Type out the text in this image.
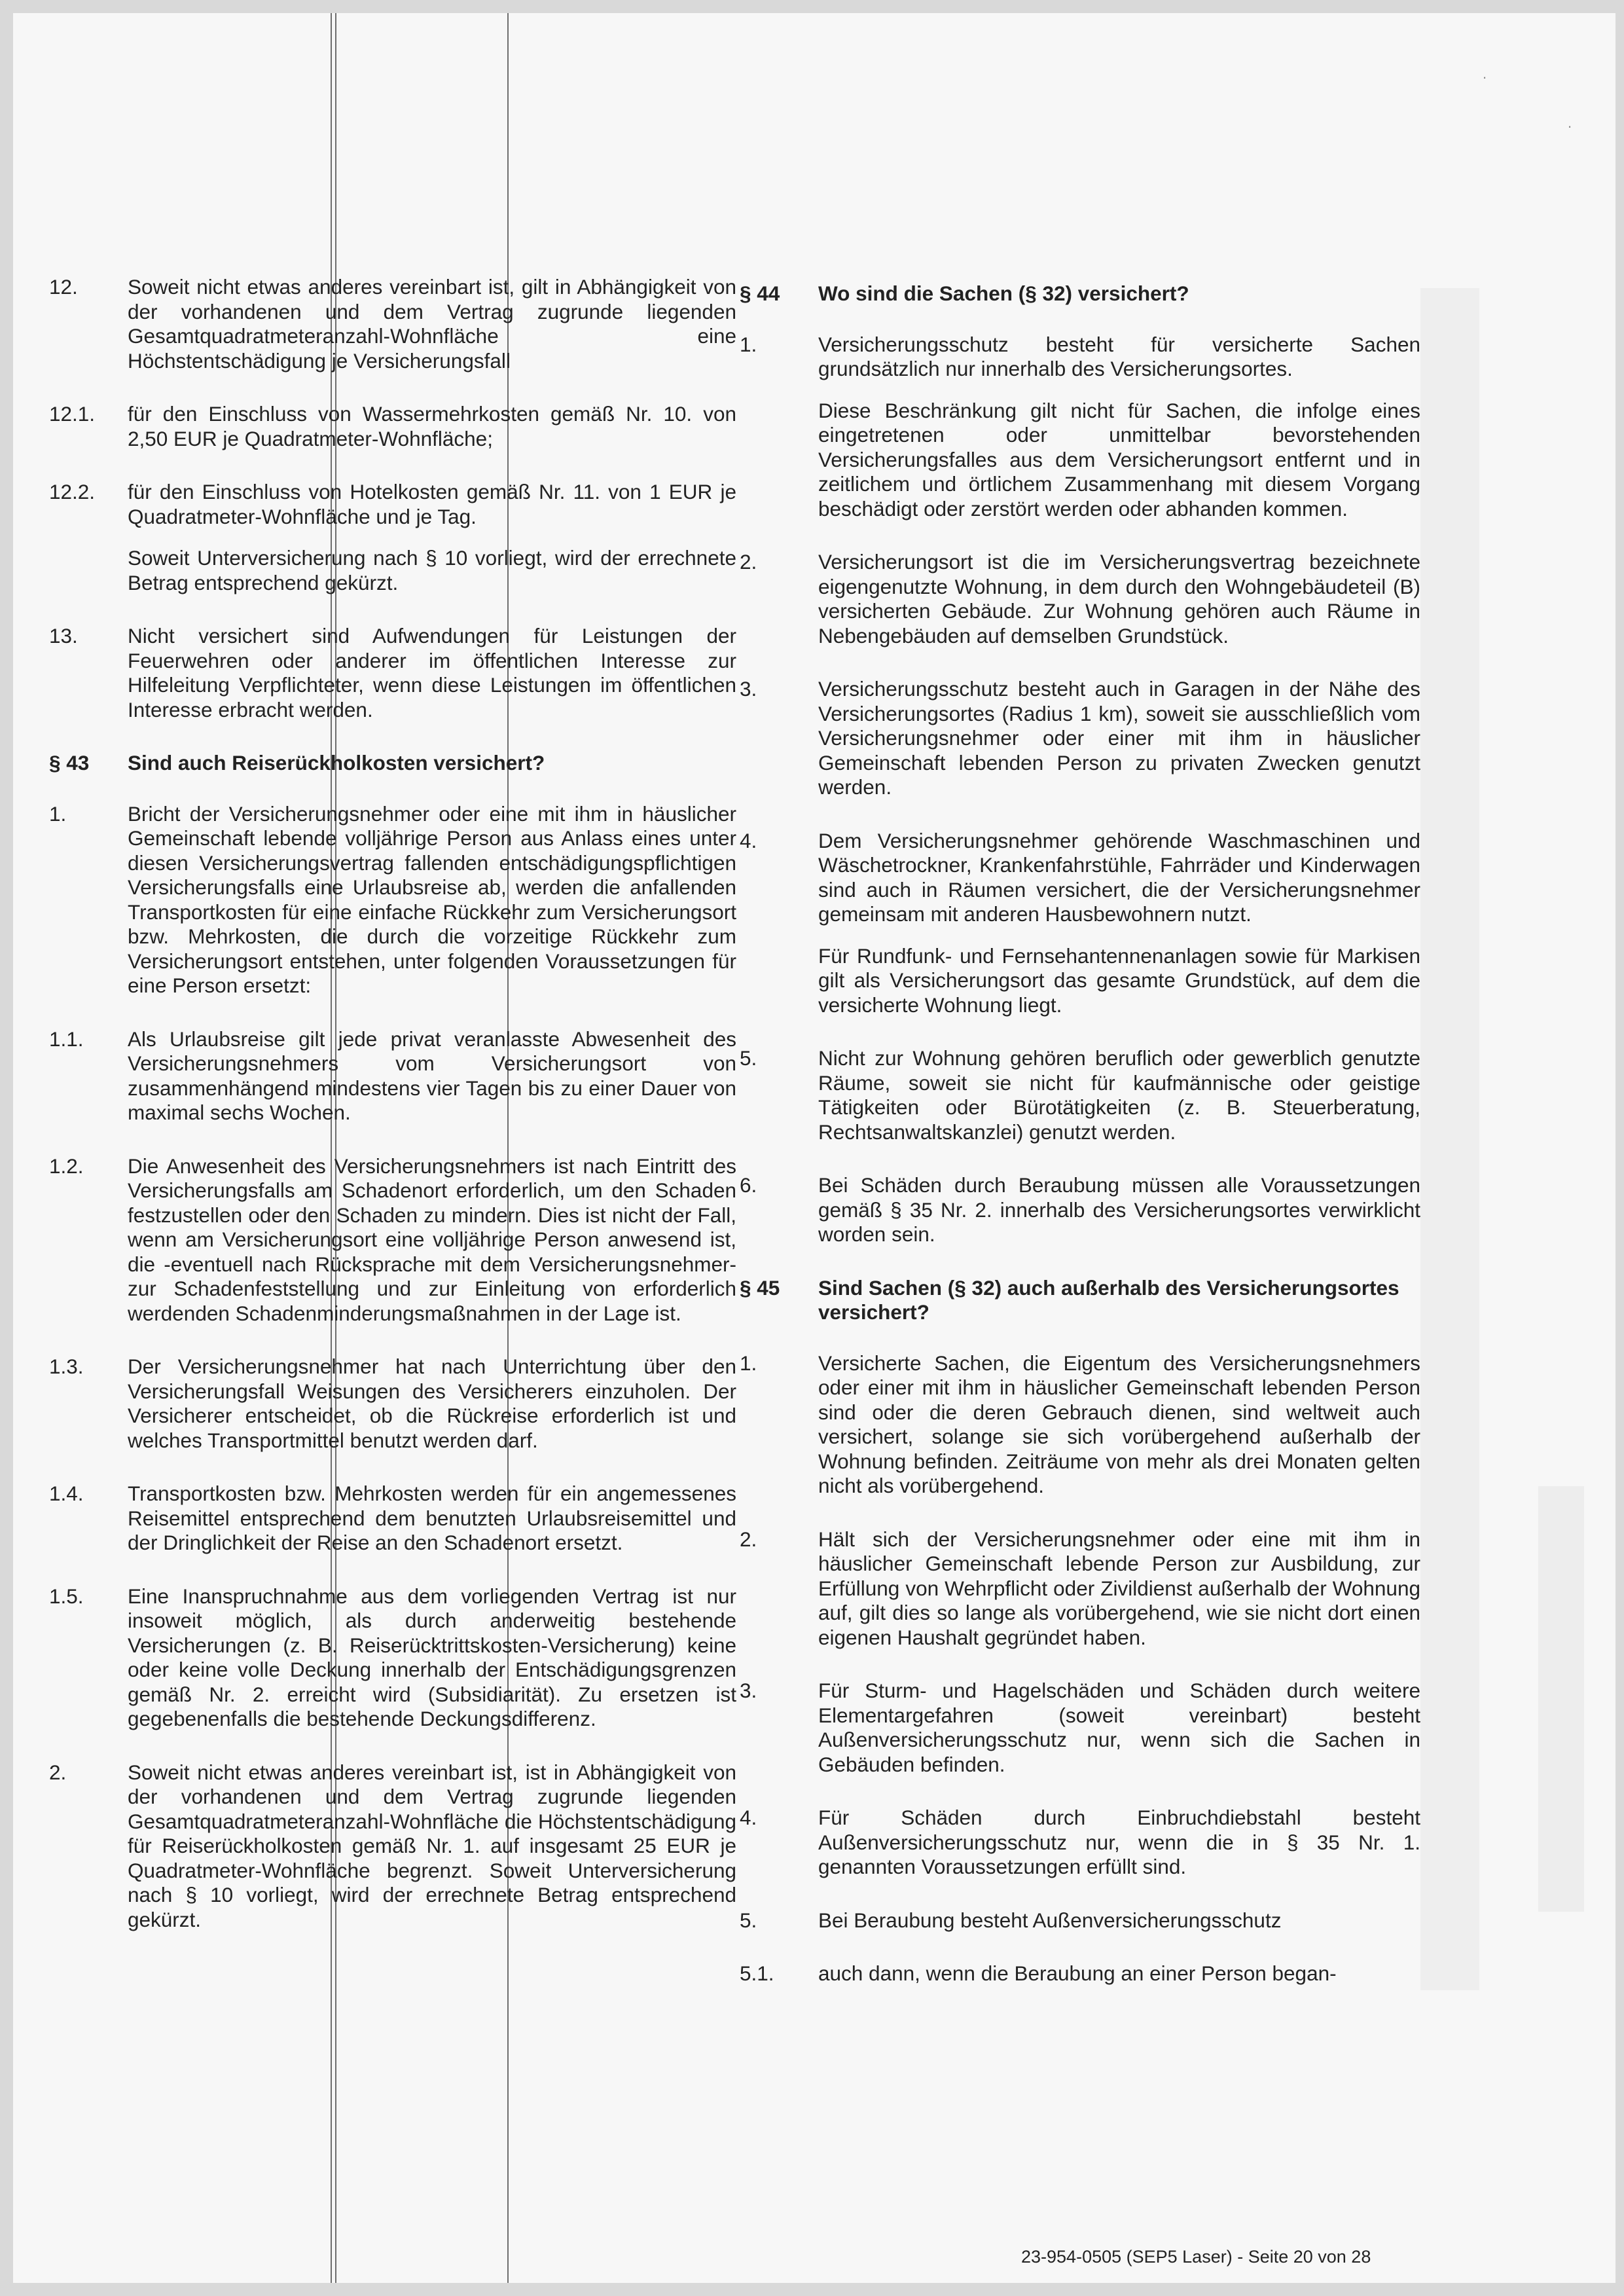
.
.
12.	Soweit nicht etwas anderes vereinbart ist, gilt in Abhängigkeit von der vorhandenen und dem Vertrag zugrunde liegenden Gesamtquadratmeteranzahl-Wohnfläche eine Höchstentschädigung je Versicherungsfall
12.1.	für den Einschluss von Wassermehrkosten gemäß Nr. 10. von 2,50 EUR je Quadratmeter-Wohnfläche;
12.2.	für den Einschluss von Hotelkosten gemäß Nr. 11. von 1 EUR je Quadratmeter-Wohnfläche und je Tag.
Soweit Unterversicherung nach § 10 vorliegt, wird der errechnete Betrag entsprechend gekürzt.
13.	Nicht versichert sind Aufwendungen für Leistungen der Feuerwehren oder anderer im öffentlichen Interesse zur Hilfeleitung Verpflichteter, wenn diese Leistungen im öffentlichen Interesse erbracht werden.
§ 43	Sind auch Reiserückholkosten versichert?
1.	Bricht der Versicherungsnehmer oder eine mit ihm in häuslicher Gemeinschaft lebende volljährige Person aus Anlass eines unter diesen Versicherungsvertrag fallenden entschädigungspflichtigen Versicherungsfalls eine Urlaubsreise ab, werden die anfallenden Transportkosten für eine einfache Rückkehr zum Versicherungsort bzw. Mehrkosten, die durch die vorzeitige Rückkehr zum Versicherungsort entstehen, unter folgenden Voraussetzungen für eine Person ersetzt:
1.1.	Als Urlaubsreise gilt jede privat veranlasste Abwesenheit des Versicherungsnehmers vom Versicherungsort von zusammenhängend mindestens vier Tagen bis zu einer Dauer von maximal sechs Wochen.
1.2.	Die Anwesenheit des Versicherungsnehmers ist nach Eintritt des Versicherungsfalls am Schadenort erforderlich, um den Schaden festzustellen oder den Schaden zu mindern. Dies ist nicht der Fall, wenn am Versicherungsort eine volljährige Person anwesend ist, die -eventuell nach Rücksprache mit dem Versicherungsnehmer- zur Schadenfeststellung und zur Einleitung von erforderlich werdenden Schadenminderungsmaßnahmen in der Lage ist.
1.3.	Der Versicherungsnehmer hat nach Unterrichtung über den Versicherungsfall Weisungen des Versicherers einzuholen. Der Versicherer entscheidet, ob die Rückreise erforderlich ist und welches Transportmittel benutzt werden darf.
1.4.	Transportkosten bzw. Mehrkosten werden für ein angemessenes Reisemittel entsprechend dem benutzten Urlaubsreisemittel und der Dringlichkeit der Reise an den Schadenort ersetzt.
1.5.	Eine Inanspruchnahme aus dem vorliegenden Vertrag ist nur insoweit möglich, als durch anderweitig bestehende Versicherungen (z. B. Reiserücktrittskosten-Versicherung) keine oder keine volle Deckung innerhalb der Entschädigungsgrenzen gemäß Nr. 2. erreicht wird (Subsidiarität). Zu ersetzen ist gegebenenfalls die bestehende Deckungsdifferenz.
2.	Soweit nicht etwas anderes vereinbart ist, ist in Abhängigkeit von der vorhandenen und dem Vertrag zugrunde liegenden Gesamtquadratmeteranzahl-Wohnfläche die Höchstentschädigung für Reiserückholkosten gemäß Nr. 1. auf insgesamt 25 EUR je Quadratmeter-Wohnfläche begrenzt. Soweit Unterversicherung nach § 10 vorliegt, wird der errechnete Betrag entsprechend gekürzt.
§ 44	Wo sind die Sachen (§ 32) versichert?
1.	Versicherungsschutz besteht für versicherte Sachen grundsätzlich nur innerhalb des Versicherungsortes.
Diese Beschränkung gilt nicht für Sachen, die infolge eines eingetretenen oder unmittelbar bevorstehenden Versicherungsfalles aus dem Versicherungsort entfernt und in zeitlichem und örtlichem Zusammenhang mit diesem Vorgang beschädigt oder zerstört werden oder abhanden kommen.
2.	Versicherungsort ist die im Versicherungsvertrag bezeichnete eigengenutzte Wohnung, in dem durch den Wohngebäudeteil (B) versicherten Gebäude. Zur Wohnung gehören auch Räume in Nebengebäuden auf demselben Grundstück.
3.	Versicherungsschutz besteht auch in Garagen in der Nähe des Versicherungsortes (Radius 1 km), soweit sie ausschließlich vom Versicherungsnehmer oder einer mit ihm in häuslicher Gemeinschaft lebenden Person zu privaten Zwecken genutzt werden.
4.	Dem Versicherungsnehmer gehörende Waschmaschinen und Wäschetrockner, Krankenfahrstühle, Fahrräder und Kinderwagen sind auch in Räumen versichert, die der Versicherungsnehmer gemeinsam mit anderen Hausbewohnern nutzt.
Für Rundfunk- und Fernsehantennenanlagen sowie für Markisen gilt als Versicherungsort das gesamte Grundstück, auf dem die versicherte Wohnung liegt.
5.	Nicht zur Wohnung gehören beruflich oder gewerblich genutzte Räume, soweit sie nicht für kaufmännische oder geistige Tätigkeiten oder Bürotätigkeiten (z. B. Steuerberatung, Rechtsanwaltskanzlei) genutzt werden.
6.	Bei Schäden durch Beraubung müssen alle Voraussetzungen gemäß § 35 Nr. 2. innerhalb des Versicherungsortes verwirklicht worden sein.
§ 45	Sind Sachen (§ 32) auch außerhalb des Versicherungsortes versichert?
1.	Versicherte Sachen, die Eigentum des Versicherungsnehmers oder einer mit ihm in häuslicher Gemeinschaft lebenden Person sind oder die deren Gebrauch dienen, sind weltweit auch versichert, solange sie sich vorübergehend außerhalb der Wohnung befinden. Zeiträume von mehr als drei Monaten gelten nicht als vorübergehend.
2.	Hält sich der Versicherungsnehmer oder eine mit ihm in häuslicher Gemeinschaft lebende Person zur Ausbildung, zur Erfüllung von Wehrpflicht oder Zivildienst außerhalb der Wohnung auf, gilt dies so lange als vorübergehend, wie sie nicht dort einen eigenen Haushalt gegründet haben.
3.	Für Sturm- und Hagelschäden und Schäden durch weitere Elementargefahren (soweit vereinbart) besteht Außenversicherungsschutz nur, wenn sich die Sachen in Gebäuden befinden.
4.	Für Schäden durch Einbruchdiebstahl besteht Außenversicherungsschutz nur, wenn die in § 35 Nr. 1. genannten Voraussetzungen erfüllt sind.
5.	Bei Beraubung besteht Außenversicherungsschutz
5.1.	auch dann, wenn die Beraubung an einer Person began-
23-954-0505 (SEP5 Laser) - Seite 20 von 28
